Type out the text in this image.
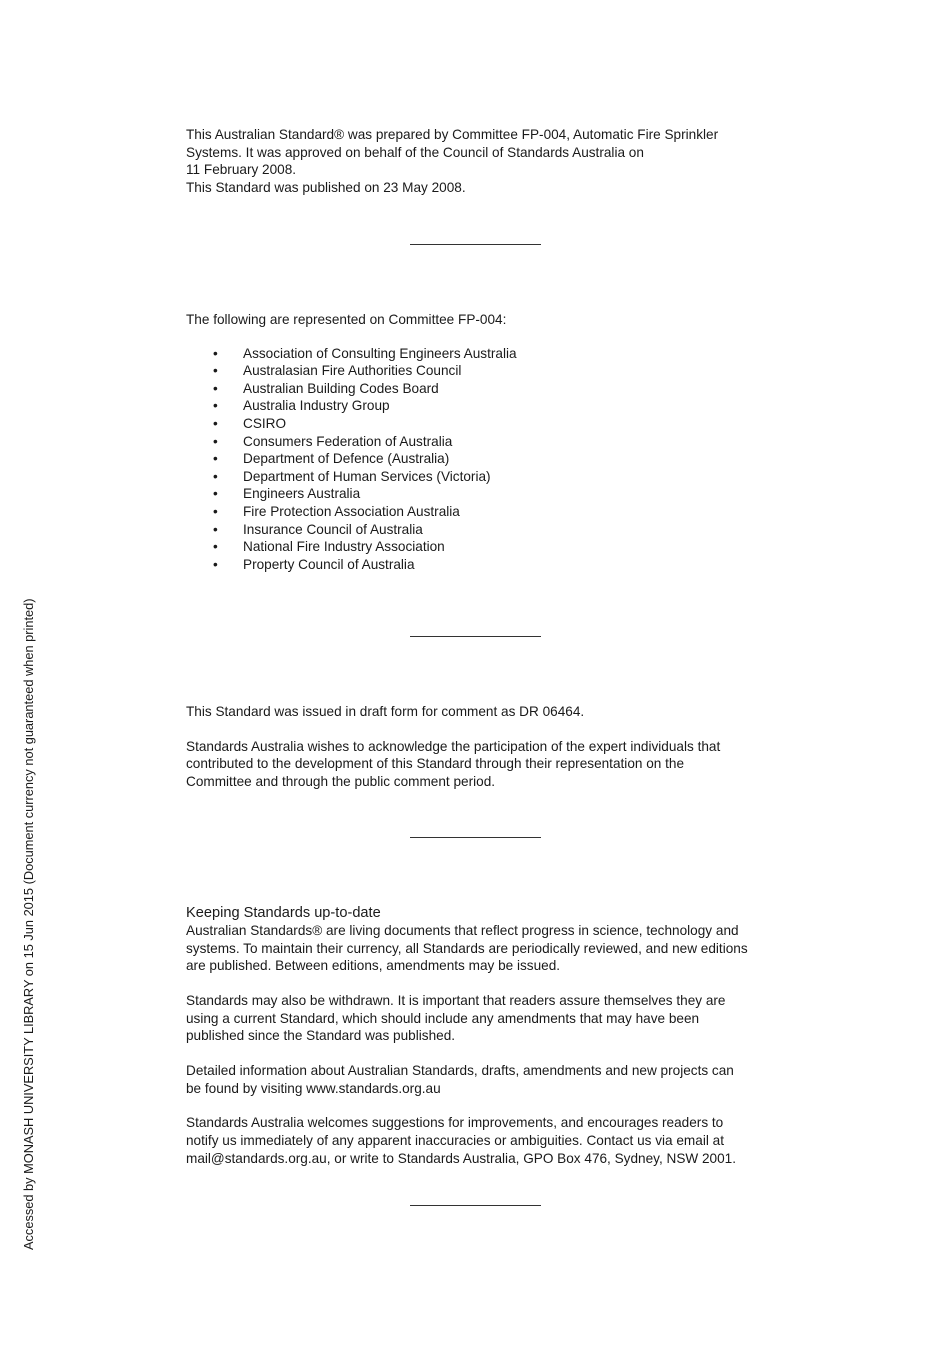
This Australian Standard® was prepared by Committee FP-004, Automatic Fire Sprinkler

Systems. It was approved on behalf of the Council of Standards Australia on

11 February 2008.

This Standard was published on 23 May 2008.

The following are represented on Committee FP-004:

• Association of Consulting Engineers Australia
• Australasian Fire Authorities Council
• Australian Building Codes Board
• Australia Industry Group
• CSIRO
• Consumers Federation of Australia
• Department of Defence (Australia)
• Department of Human Services (Victoria)
• Engineers Australia
• Fire Protection Association Australia
• Insurance Council of Australia
• National Fire Industry Association
• Property Council of Australia

This Standard was issued in draft form for comment as DR 06464.

Standards Australia wishes to acknowledge the participation of the expert individuals that

contributed to the development of this Standard through their representation on the

Committee and through the public comment period.

Keeping Standards up-to-date

Australian Standards® are living documents that reflect progress in science, technology and

systems. To maintain their currency, all Standards are periodically reviewed, and new editions

are published. Between editions, amendments may be issued.

Standards may also be withdrawn. It is important that readers assure themselves they are

using a current Standard, which should include any amendments that may have been

published since the Standard was published.

Detailed information about Australian Standards, drafts, amendments and new projects can

be found by visiting www.standards.org.au

Standards Australia welcomes suggestions for improvements, and encourages readers to

notify us immediately of any apparent inaccuracies or ambiguities. Contact us via email at

mail@standards.org.au, or write to Standards Australia, GPO Box 476, Sydney, NSW 2001.

Accessed by MONASH UNIVERSITY LIBRARY on 15 Jun 2015 (Document currency not guaranteed when printed)
